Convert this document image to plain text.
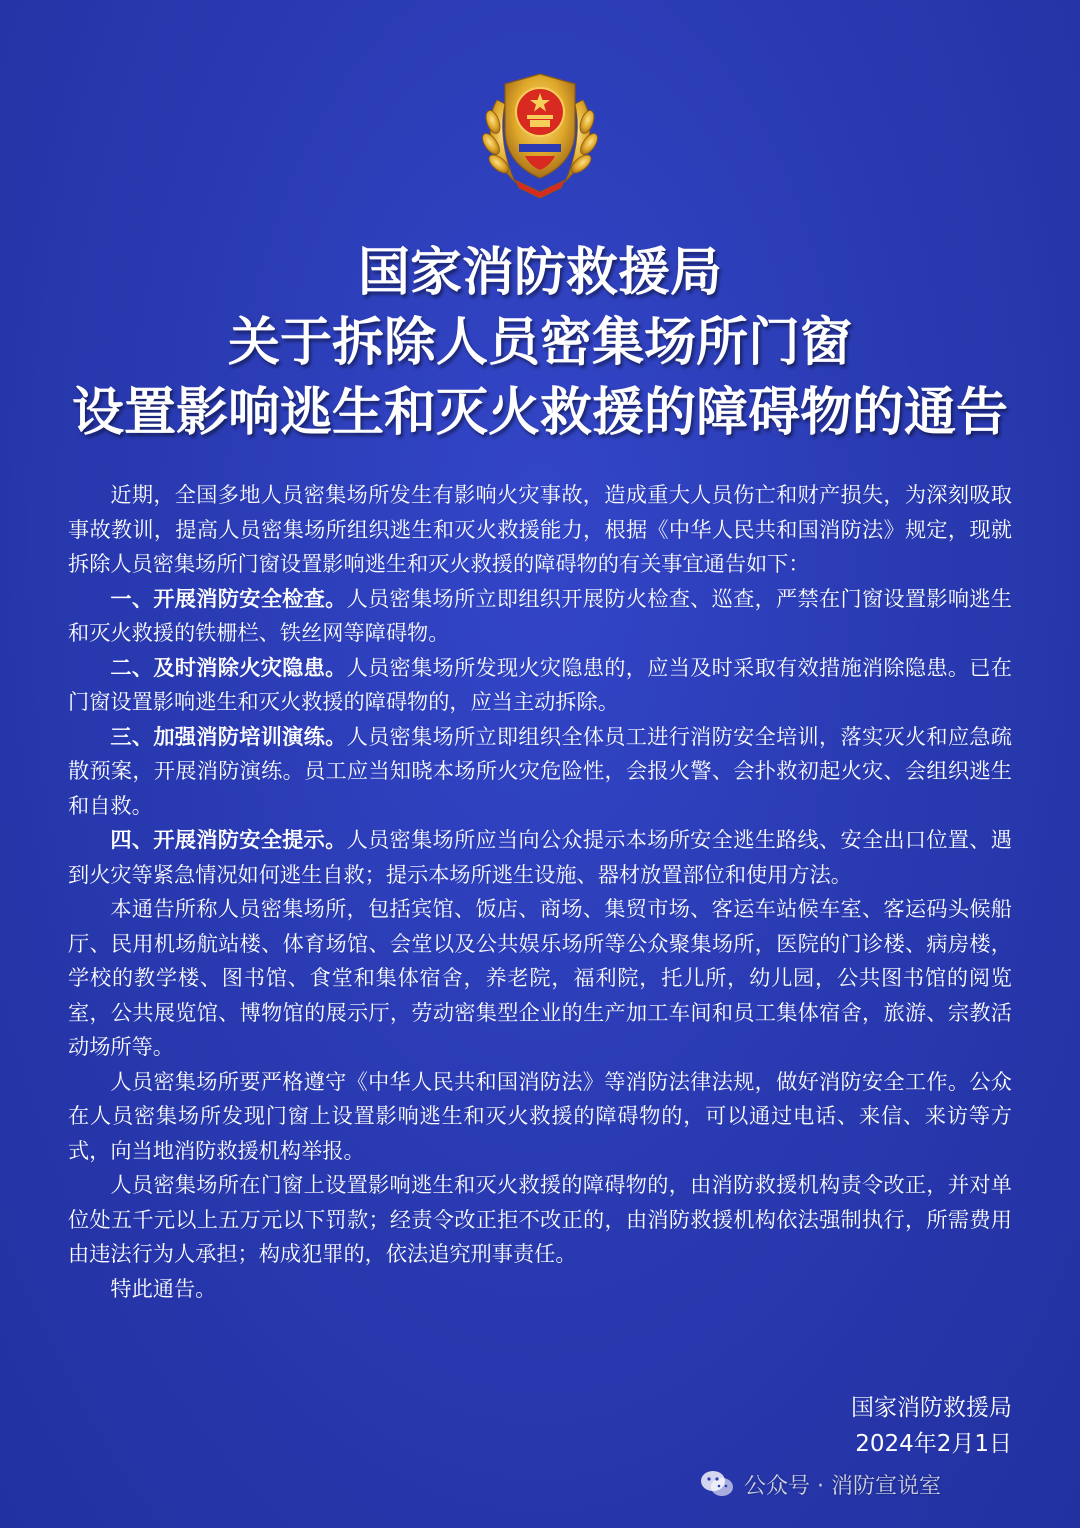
国家消防救援局
关于拆除人员密集场所门窗
设置影响逃生和灭火救援的障碍物的通告

近期，全国多地人员密集场所发生有影响火灾事故，造成重大人员伤亡和财产损失，为深刻吸取事故教训，提高人员密集场所组织逃生和灭火救援能力，根据《中华人民共和国消防法》规定，现就拆除人员密集场所门窗设置影响逃生和灭火救援的障碍物的有关事宜通告如下：

一、开展消防安全检查。人员密集场所立即组织开展防火检查、巡查，严禁在门窗设置影响逃生和灭火救援的铁栅栏、铁丝网等障碍物。

二、及时消除火灾隐患。人员密集场所发现火灾隐患的，应当及时采取有效措施消除隐患。已在门窗设置影响逃生和灭火救援的障碍物的，应当主动拆除。

三、加强消防培训演练。人员密集场所立即组织全体员工进行消防安全培训，落实灭火和应急疏散预案，开展消防演练。员工应当知晓本场所火灾危险性，会报火警、会扑救初起火灾、会组织逃生和自救。

四、开展消防安全提示。人员密集场所应当向公众提示本场所安全逃生路线、安全出口位置、遇到火灾等紧急情况如何逃生自救；提示本场所逃生设施、器材放置部位和使用方法。

本通告所称人员密集场所，包括宾馆、饭店、商场、集贸市场、客运车站候车室、客运码头候船厅、民用机场航站楼、体育场馆、会堂以及公共娱乐场所等公众聚集场所，医院的门诊楼、病房楼，学校的教学楼、图书馆、食堂和集体宿舍，养老院，福利院，托儿所，幼儿园，公共图书馆的阅览室，公共展览馆、博物馆的展示厅，劳动密集型企业的生产加工车间和员工集体宿舍，旅游、宗教活动场所等。

人员密集场所要严格遵守《中华人民共和国消防法》等消防法律法规，做好消防安全工作。公众在人员密集场所发现门窗上设置影响逃生和灭火救援的障碍物的，可以通过电话、来信、来访等方式，向当地消防救援机构举报。

人员密集场所在门窗上设置影响逃生和灭火救援的障碍物的，由消防救援机构责令改正，并对单位处五千元以上五万元以下罚款；经责令改正拒不改正的，由消防救援机构依法强制执行，所需费用由违法行为人承担；构成犯罪的，依法追究刑事责任。

特此通告。

国家消防救援局
2024年2月1日
公众号 · 消防宣说室
